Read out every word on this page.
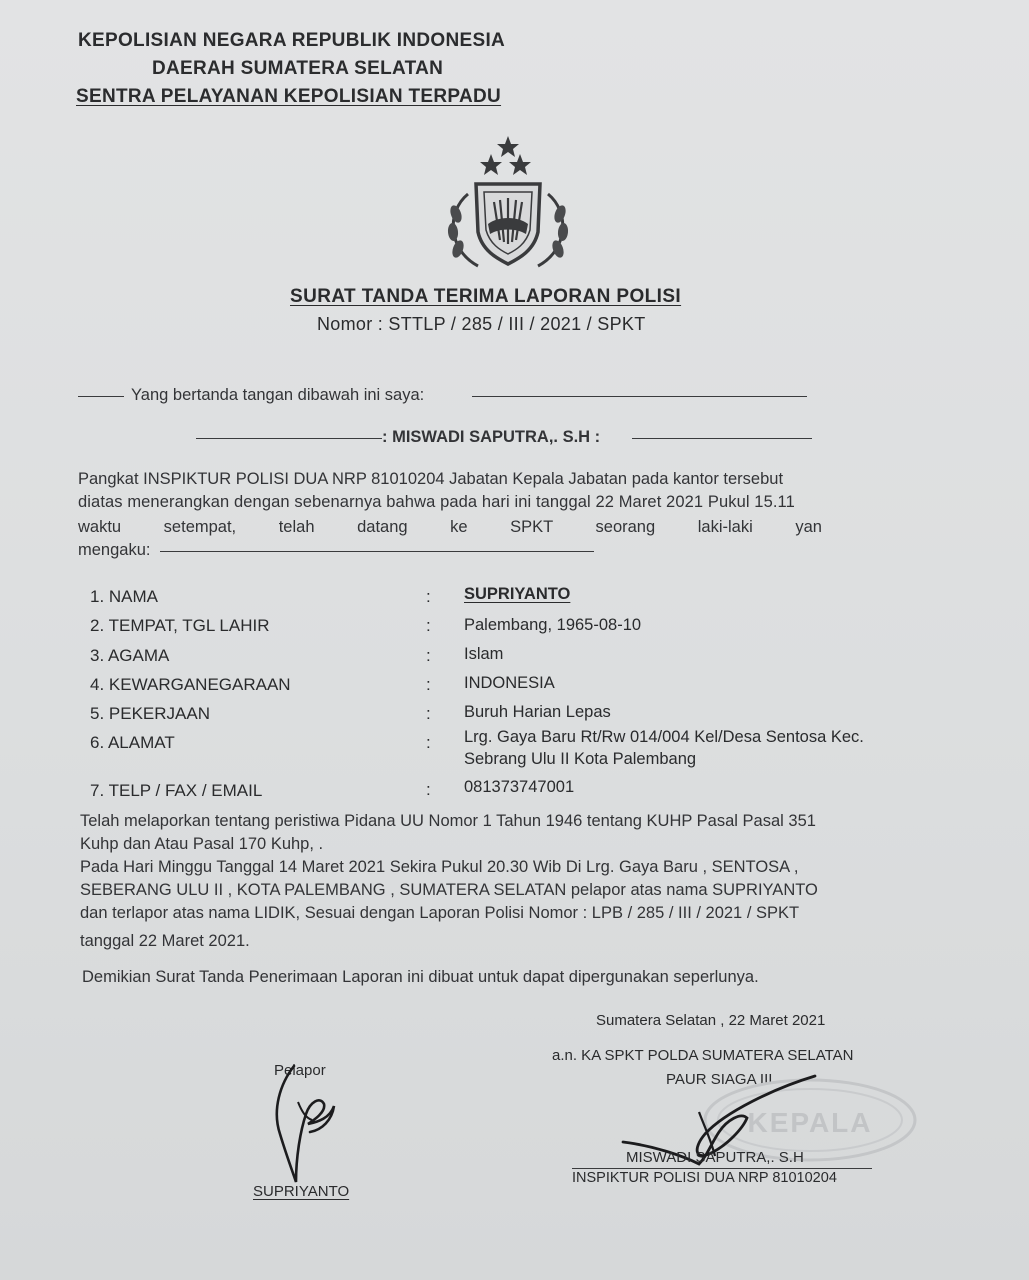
KEPOLISIAN NEGARA REPUBLIK INDONESIA
DAERAH SUMATERA SELATAN
SENTRA PELAYANAN KEPOLISIAN TERPADU
SURAT TANDA TERIMA LAPORAN POLISI
Nomor : STTLP / 285 / III / 2021 / SPKT
Yang bertanda tangan dibawah ini saya:
: MISWADI SAPUTRA,. S.H :
Pangkat INSPIKTUR POLISI DUA NRP 81010204 Jabatan Kepala Jabatan pada kantor tersebut
diatas menerangkan dengan sebenarnya bahwa pada hari ini tanggal 22 Maret 2021 Pukul 15.11
waktu setempat, telah datang ke SPKT seorang laki-laki yan
mengaku:
1. NAMA	: SUPRIYANTO
2. TEMPAT, TGL LAHIR	: Palembang, 1965-08-10
3. AGAMA	: Islam
4. KEWARGANEGARAAN	: INDONESIA
5. PEKERJAAN	: Buruh Harian Lepas
6. ALAMAT	: Lrg. Gaya Baru Rt/Rw 014/004 Kel/Desa Sentosa Kec.
Sebrang Ulu II Kota Palembang
7. TELP / FAX / EMAIL	: 081373747001
Telah melaporkan tentang peristiwa Pidana UU Nomor 1 Tahun 1946 tentang KUHP Pasal Pasal 351
Kuhp dan Atau Pasal 170 Kuhp, .
Pada Hari Minggu Tanggal 14 Maret 2021 Sekira Pukul 20.30 Wib Di Lrg. Gaya Baru , SENTOSA ,
SEBERANG ULU II , KOTA PALEMBANG , SUMATERA SELATAN pelapor atas nama SUPRIYANTO
dan terlapor atas nama LIDIK, Sesuai dengan Laporan Polisi Nomor : LPB / 285 / III / 2021 / SPKT
tanggal 22 Maret 2021.
Demikian Surat Tanda Penerimaan Laporan ini dibuat untuk dapat dipergunakan seperlunya.
Sumatera Selatan , 22 Maret 2021
a.n. KA SPKT POLDA SUMATERA SELATAN
PAUR SIAGA III
Pelapor
KEPALA
SUPRIYANTO
MISWADI SAPUTRA,. S.H
INSPIKTUR POLISI DUA NRP 81010204
